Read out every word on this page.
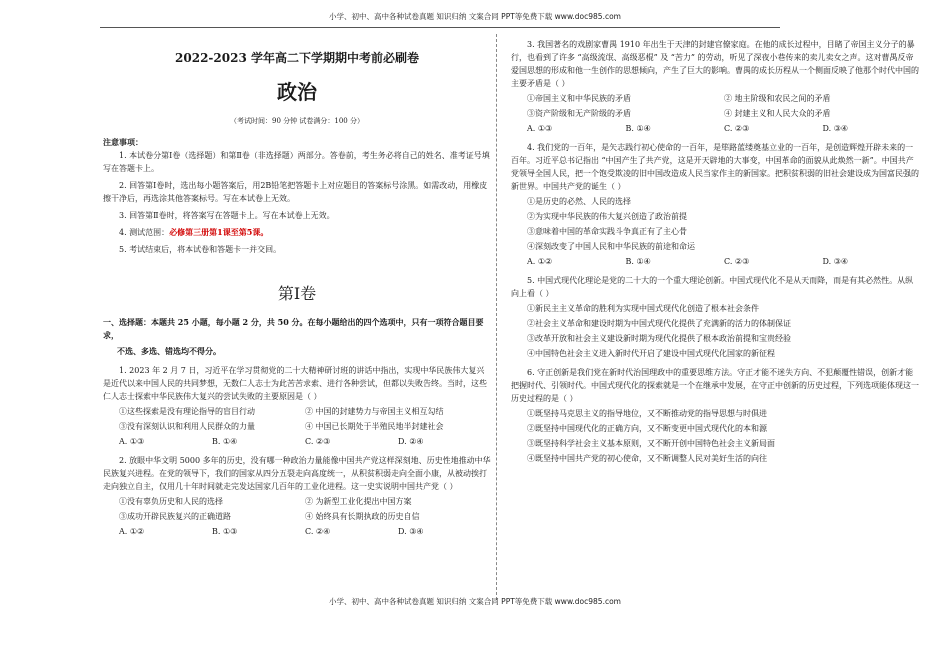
小学、初中、高中各种试卷真题 知识归纳 文案合同 PPT等免费下载 www.doc985.com
2022-2023 学年高二下学期期中考前必刷卷
政治
（考试时间：90 分钟 试卷满分：100 分）
注意事项：

1. 本试卷分第Ⅰ卷（选择题）和第Ⅱ卷（非选择题）两部分。答卷前，考生务必将自己的姓名、准考证号填写在答题卡上。

2. 回答第Ⅰ卷时，选出每小题答案后，用2B铅笔把答题卡上对应题目的答案标号涂黑。如需改动，用橡皮擦干净后，再选涂其他答案标号。写在本试卷上无效。

3. 回答第Ⅱ卷时，将答案写在答题卡上。写在本试卷上无效。

4. 测试范围：必修第三册第1课至第5课。

5. 考试结束后，将本试卷和答题卡一并交回。

第Ⅰ卷
一、选择题：本题共 25 小题，每小题 2 分，共 50 分。在每小题给出的四个选项中，只有一项符合题目要求，
不选、多选、错选均不得分。

1. 2023 年 2 月 7 日，习近平在学习贯彻党的二十大精神研讨班的讲话中指出，实现中华民族伟大复兴是近代以来中国人民的共同梦想，无数仁人志士为此苦苦求索、进行各种尝试，但都以失败告终。当时，这些仁人志士探索中华民族伟大复兴的尝试失败的主要原因是（ ）

①这些探索是没有理论指导的盲目行动	② 中国的封建势力与帝国主义相互勾结
③没有深刻认识和利用人民群众的力量	④ 中国已长期处于半殖民地半封建社会
A. ①③	B. ①④	C. ②③	D. ②④

2. 放眼中华文明 5000 多年的历史，没有哪一种政治力量能像中国共产党这样深刻地、历史性地推动中华民族复兴进程。在党的领导下，我们的国家从四分五裂走向高度统一，从积贫积弱走向全面小康，从被动挨打走向独立自主，仅用几十年时间就走完发达国家几百年的工业化进程。这一史实说明中国共产党（ ）

①没有辜负历史和人民的选择	② 为新型工业化提出中国方案
③成功开辟民族复兴的正确道路	④ 始终具有长期执政的历史自信
A. ①②	B. ①③	C. ②④	D. ③④

3. 我国著名的戏剧家曹禺 1910 年出生于天津的封建官僚家庭。在他的成长过程中，目睹了帝国主义分子的暴行，也看到了许多 “高级流氓、高级恶棍” 及 “苦力” 的劳动，听见了深夜小巷传来的卖儿卖女之声。这对曹禺反帝爱国思想的形成和他一生创作的思想倾向，产生了巨大的影响。曹禺的成长历程从一个侧面反映了他那个时代中国的主要矛盾是（ ）

①帝国主义和中华民族的矛盾	② 地主阶级和农民之间的矛盾
③资产阶级和无产阶级的矛盾	④ 封建主义和人民大众的矛盾
A. ①③	B. ①④	C. ②③	D. ③④

4. 我们党的一百年，是矢志践行初心使命的一百年，是筚路蓝缕奠基立业的一百年，是创造辉煌开辟未来的一百年。习近平总书记指出 “中国产生了共产党，这是开天辟地的大事变，中国革命的面貌从此焕然一新”。中国共产党领导全国人民，把一个饱受欺凌的旧中国改造成人民当家作主的新国家。把积贫积弱的旧社会建设成为国富民强的新世界。中国共产党的诞生（ ）

①是历史的必然、人民的选择
②为实现中华民族的伟大复兴创造了政治前提
③意味着中国的革命实践斗争真正有了主心骨
④深刻改变了中国人民和中华民族的前途和命运
A. ①②	B. ①④	C. ②③	D. ③④

5. 中国式现代化理论是党的二十大的一个重大理论创新。中国式现代化不是从天而降，而是有其必然性。从纵向上看（ ）

①新民主主义革命的胜利为实现中国式现代化创造了根本社会条件
②社会主义革命和建设时期为中国式现代化提供了充满新的活力的体制保证
③改革开放和社会主义建设新时期为现代化提供了根本政治前提和宝贵经验
④中国特色社会主义进入新时代开启了建设中国式现代化国家的新征程

6. 守正创新是我们党在新时代治国理政中的重要思维方法。守正才能不迷失方向、不犯颠覆性错误，创新才能把握时代、引领时代。中国式现代化的探索就是一个在继承中发展，在守正中创新的历史过程，下列选项能体现这一历史过程的是（ ）

①既坚持马克思主义的指导地位，又不断推动党的指导思想与时俱进
②既坚持中国现代化的正确方向，又不断变更中国式现代化的本和源
③既坚持科学社会主义基本原则，又不断开创中国特色社会主义新局面
④既坚持中国共产党的初心使命，又不断调整人民对美好生活的向往
小学、初中、高中各种试卷真题 知识归纳 文案合同 PPT等免费下载 www.doc985.com
